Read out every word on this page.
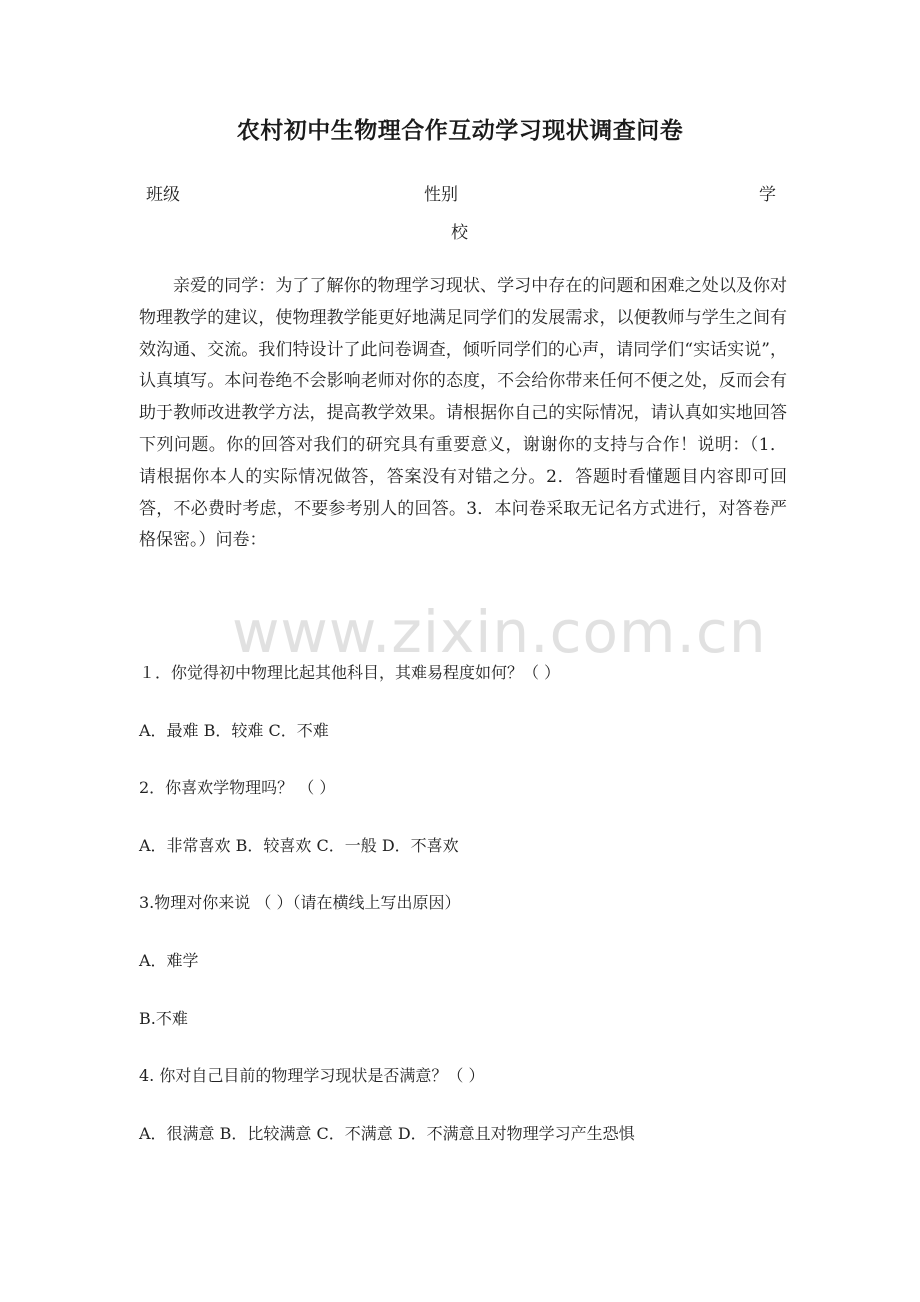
农村初中生物理合作互动学习现状调查问卷
班级	性别	学
校
亲爱的同学：为了了解你的物理学习现状、学习中存在的问题和困难之处以及你对物理教学的建议，使物理教学能更好地满足同学们的发展需求，以便教师与学生之间有效沟通、交流。我们特设计了此问卷调查，倾听同学们的心声，请同学们“实话实说”，认真填写。本问卷绝不会影响老师对你的态度，不会给你带来任何不便之处，反而会有助于教师改进教学方法，提高教学效果。请根据你自己的实际情况，请认真如实地回答下列问题。你的回答对我们的研究具有重要意义，谢谢你的支持与合作！说明：（1．请根据你本人的实际情况做答，答案没有对错之分。2．答题时看懂题目内容即可回答，不必费时考虑，不要参考别人的回答。3．本问卷采取无记名方式进行，对答卷严格保密。）问卷：
１．你觉得初中物理比起其他科目，其难易程度如何？（ ）
A．最难 B．较难 C．不难
2．你喜欢学物理吗？ （ ）
A．非常喜欢 B．较喜欢 C．一般 D．不喜欢
3.物理对你来说 （ ）（请在横线上写出原因）
A．难学
B.不难
4. 你对自己目前的物理学习现状是否满意？（ ）
A．很满意 B．比较满意 C．不满意 D．不满意且对物理学习产生恐惧
www.zixin.com.cn
